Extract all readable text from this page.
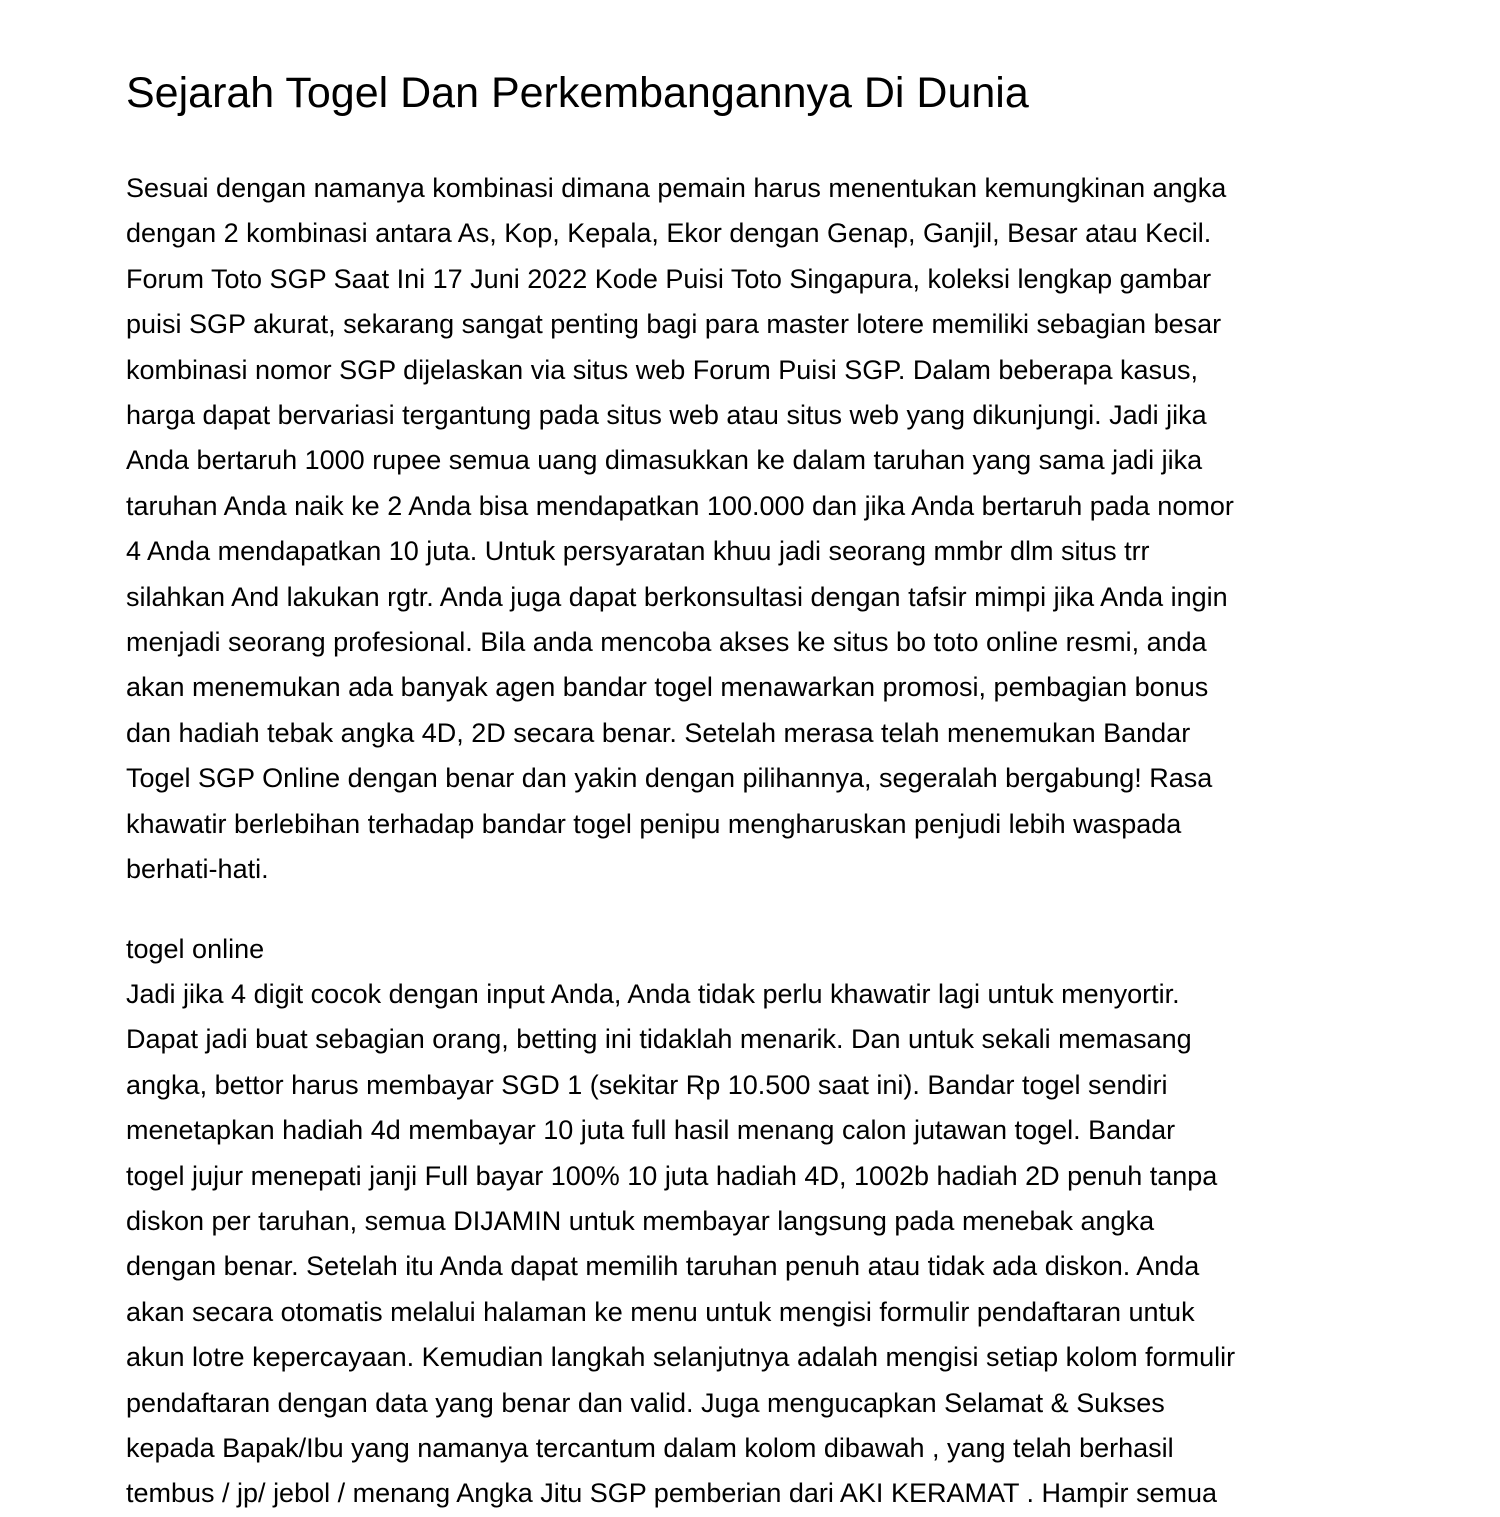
Sejarah Togel Dan Perkembangannya Di Dunia

Sesuai dengan namanya kombinasi dimana pemain harus menentukan kemungkinan angka
dengan 2 kombinasi antara As, Kop, Kepala, Ekor dengan Genap, Ganjil, Besar atau Kecil.
Forum Toto SGP Saat Ini 17 Juni 2022 Kode Puisi Toto Singapura, koleksi lengkap gambar
puisi SGP akurat, sekarang sangat penting bagi para master lotere memiliki sebagian besar
kombinasi nomor SGP dijelaskan via situs web Forum Puisi SGP. Dalam beberapa kasus,
harga dapat bervariasi tergantung pada situs web atau situs web yang dikunjungi. Jadi jika
Anda bertaruh 1000 rupee semua uang dimasukkan ke dalam taruhan yang sama jadi jika
taruhan Anda naik ke 2 Anda bisa mendapatkan 100.000 dan jika Anda bertaruh pada nomor
4 Anda mendapatkan 10 juta. Untuk persyaratan khuu jadi seorang mmbr dlm situs trr
silahkan And lakukan rgtr. Anda juga dapat berkonsultasi dengan tafsir mimpi jika Anda ingin
menjadi seorang profesional. Bila anda mencoba akses ke situs bo toto online resmi, anda
akan menemukan ada banyak agen bandar togel menawarkan promosi, pembagian bonus
dan hadiah tebak angka 4D, 2D secara benar. Setelah merasa telah menemukan Bandar
Togel SGP Online dengan benar dan yakin dengan pilihannya, segeralah bergabung! Rasa
khawatir berlebihan terhadap bandar togel penipu mengharuskan penjudi lebih waspada
berhati-hati.

togel online

Jadi jika 4 digit cocok dengan input Anda, Anda tidak perlu khawatir lagi untuk menyortir.
Dapat jadi buat sebagian orang, betting ini tidaklah menarik. Dan untuk sekali memasang
angka, bettor harus membayar SGD 1 (sekitar Rp 10.500 saat ini). Bandar togel sendiri
menetapkan hadiah 4d membayar 10 juta full hasil menang calon jutawan togel. Bandar
togel jujur menepati janji Full bayar 100% 10 juta hadiah 4D, 1002b hadiah 2D penuh tanpa
diskon per taruhan, semua DIJAMIN untuk membayar langsung pada menebak angka
dengan benar. Setelah itu Anda dapat memilih taruhan penuh atau tidak ada diskon. Anda
akan secara otomatis melalui halaman ke menu untuk mengisi formulir pendaftaran untuk
akun lotre kepercayaan. Kemudian langkah selanjutnya adalah mengisi setiap kolom formulir
pendaftaran dengan data yang benar dan valid. Juga mengucapkan Selamat & Sukses
kepada Bapak/Ibu yang namanya tercantum dalam kolom dibawah , yang telah berhasil
tembus / jp/ jebol / menang Angka Jitu SGP pemberian dari AKI KERAMAT . Hampir semua
